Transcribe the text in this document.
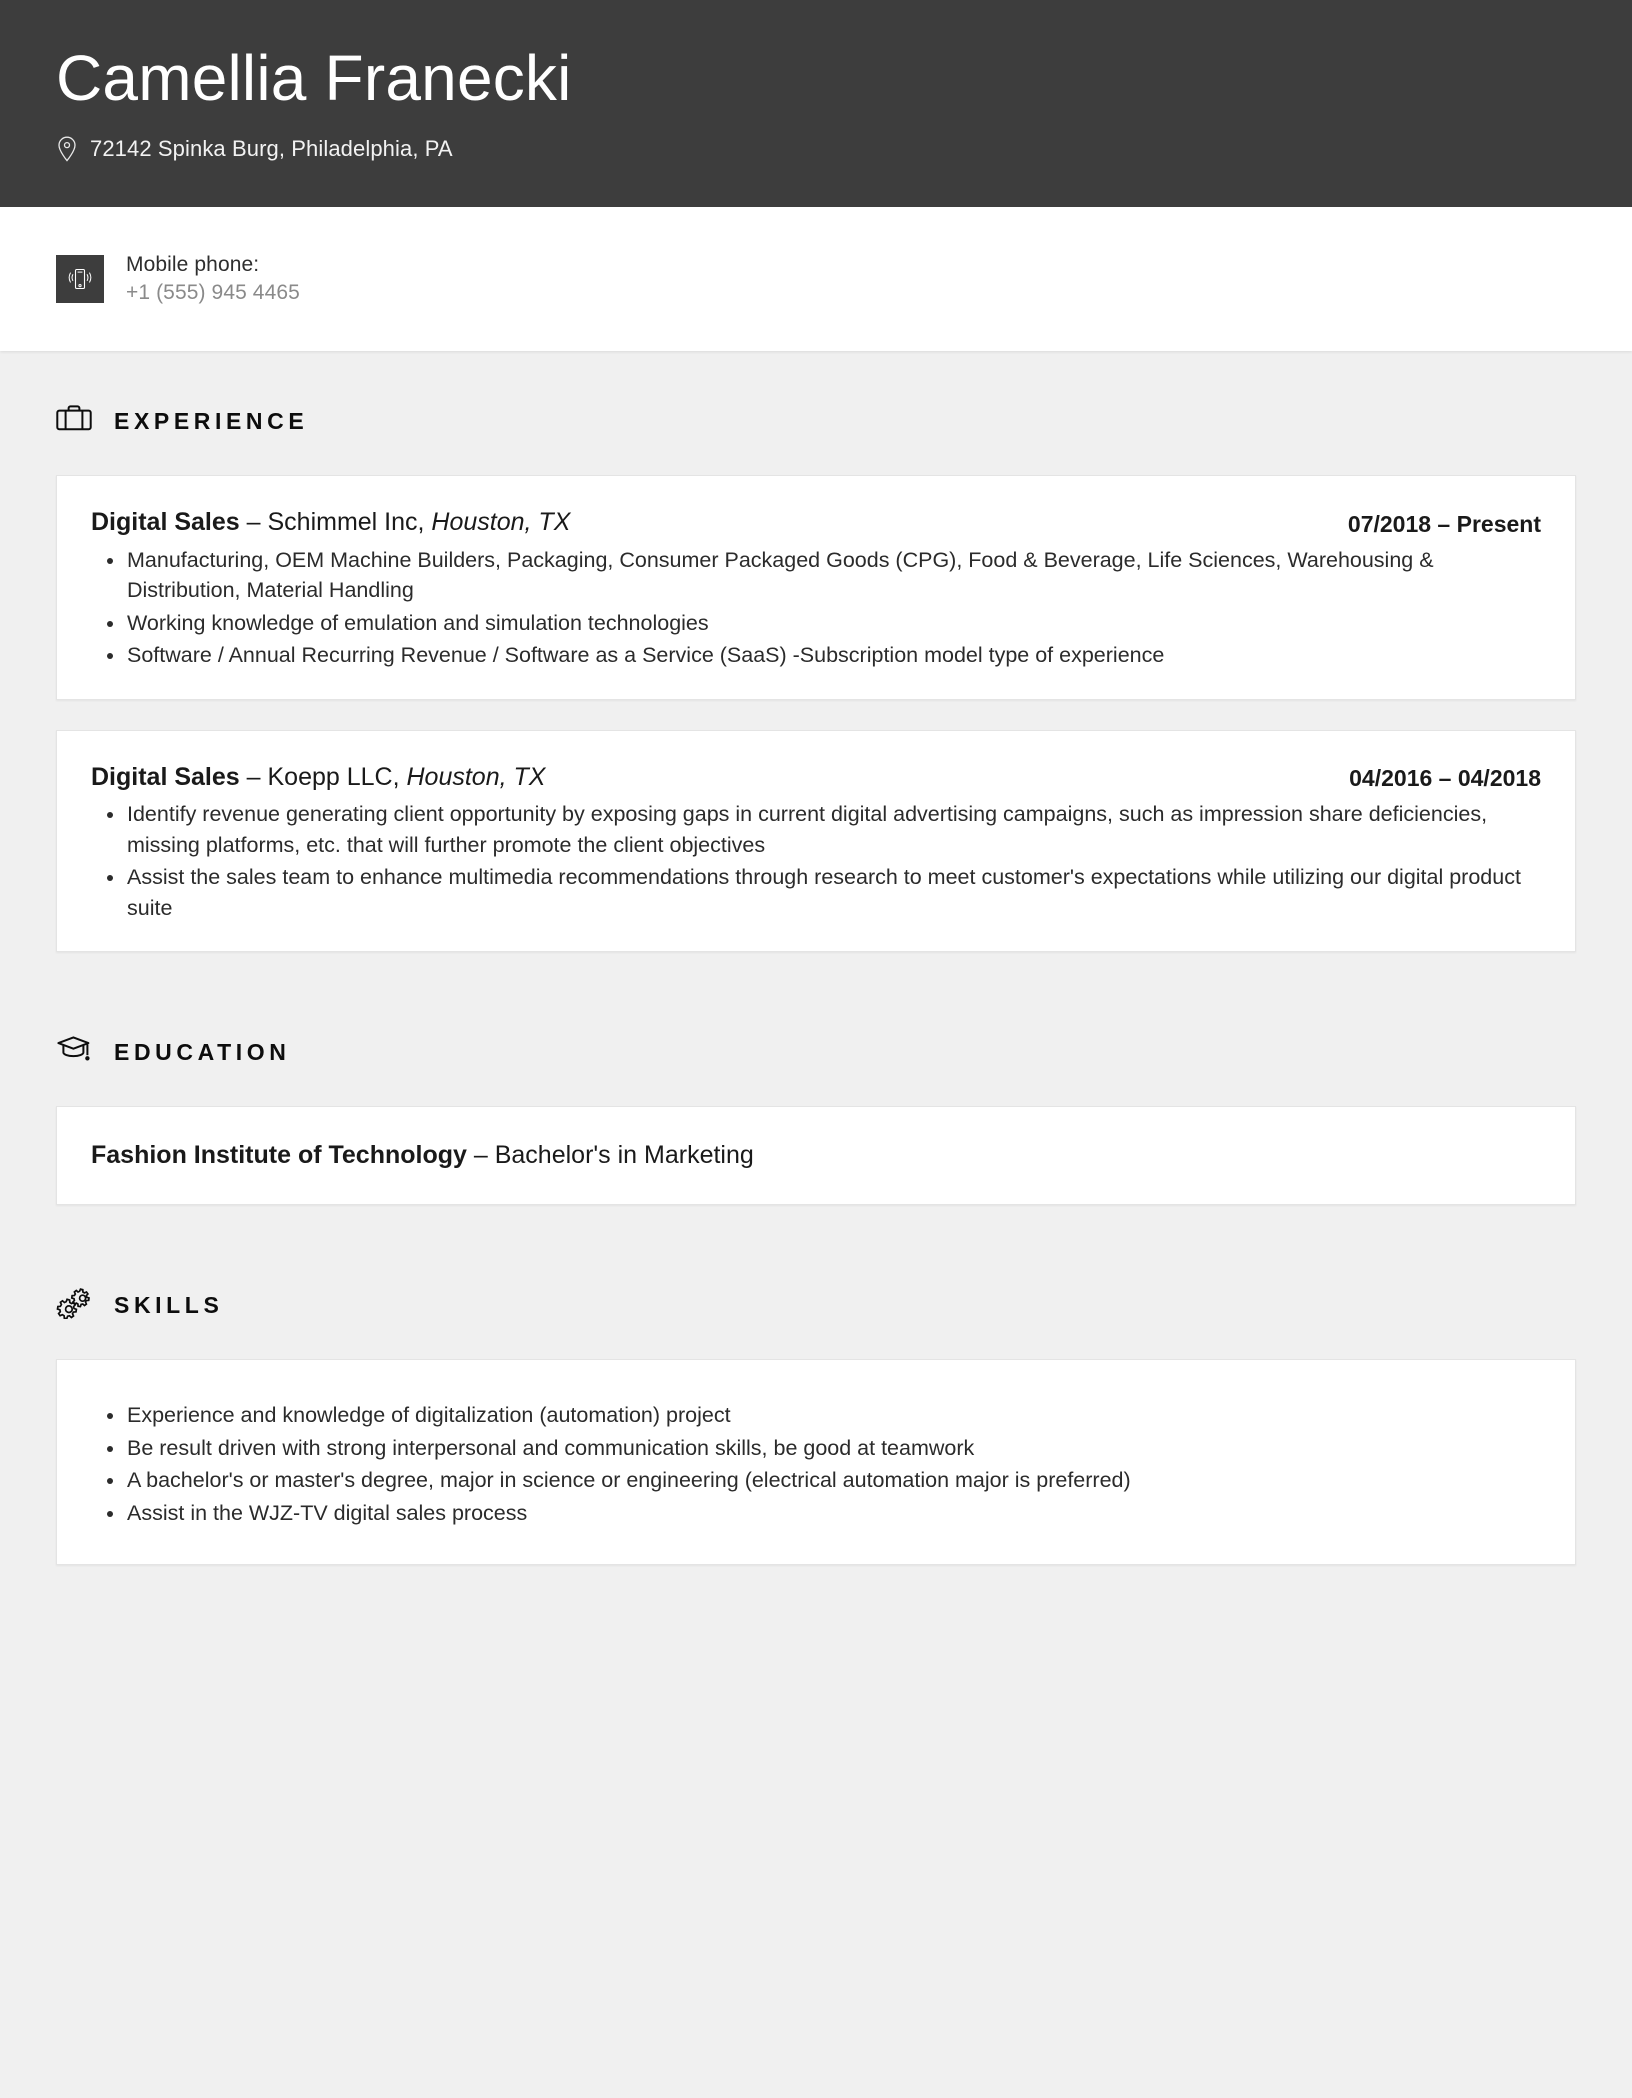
Camellia Franecki
72142 Spinka Burg, Philadelphia, PA
Mobile phone:
+1 (555) 945 4465
EXPERIENCE
Digital Sales – Schimmel Inc, Houston, TX	07/2018 – Present
Manufacturing, OEM Machine Builders, Packaging, Consumer Packaged Goods (CPG), Food & Beverage, Life Sciences, Warehousing & Distribution, Material Handling
Working knowledge of emulation and simulation technologies
Software / Annual Recurring Revenue / Software as a Service (SaaS) -Subscription model type of experience
Digital Sales – Koepp LLC, Houston, TX	04/2016 – 04/2018
Identify revenue generating client opportunity by exposing gaps in current digital advertising campaigns, such as impression share deficiencies, missing platforms, etc. that will further promote the client objectives
Assist the sales team to enhance multimedia recommendations through research to meet customer's expectations while utilizing our digital product suite
EDUCATION
Fashion Institute of Technology – Bachelor's in Marketing
SKILLS
Experience and knowledge of digitalization (automation) project
Be result driven with strong interpersonal and communication skills, be good at teamwork
A bachelor's or master's degree, major in science or engineering (electrical automation major is preferred)
Assist in the WJZ-TV digital sales process
